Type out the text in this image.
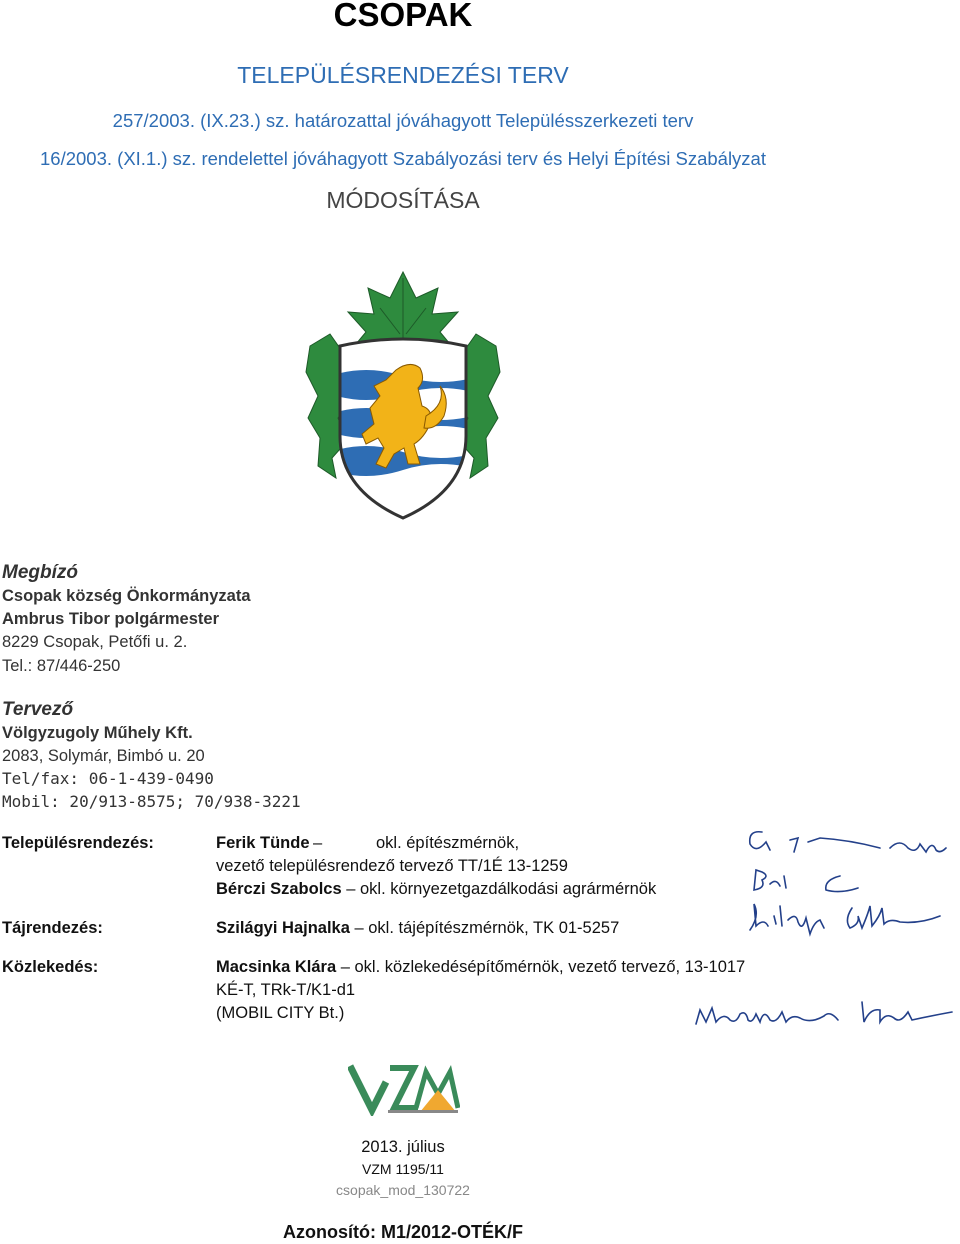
CSOPAK
TELEPÜLÉSRENDEZÉSI TERV
257/2003. (IX.23.) sz. határozattal jóváhagyott Településszerkezeti terv
16/2003. (XI.1.) sz. rendelettel jóváhagyott Szabályozási terv és Helyi Építési Szabályzat
MÓDOSÍTÁSA
Megbízó
Csopak község Önkormányzata
Ambrus Tibor polgármester
8229 Csopak, Petőfi u. 2.
Tel.: 87/446-250
Tervező
Völgyzugoly Műhely Kft.
2083, Solymár, Bimbó u. 20
Tel/fax: 06-1-439-0490
Mobil: 20/913-8575; 70/938-3221
Településrendezés:	Ferik Tünde –	okl. építészmérnök,
vezető településrendező tervező TT/1É 13-1259
Bérczi Szabolcs – okl. környezetgazdálkodási agrármérnök
Tájrendezés:	Szilágyi Hajnalka – okl. tájépítészmérnök, TK 01-5257
Közlekedés:	Macsinka Klára – okl. közlekedésépítőmérnök, vezető tervező, 13-1017
KÉ-T, TRk-T/K1-d1
(MOBIL CITY Bt.)
2013. július
VZM 1195/11
csopak_mod_130722
Azonosító: M1/2012-OTÉK/F
